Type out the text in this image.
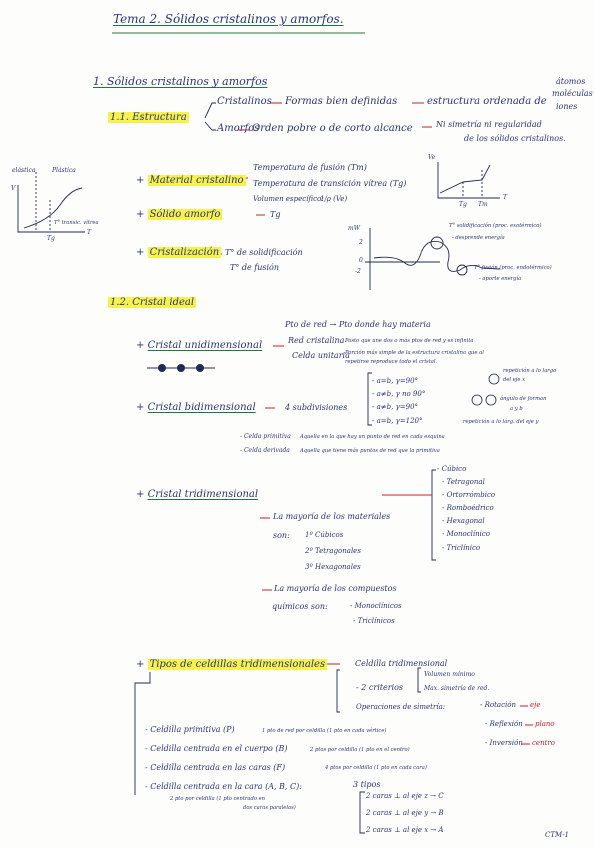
Tema 2. Sólidos cristalinos y amorfos.
1. Sólidos cristalinos y amorfos
1.1. Estructura
Cristalinos Formas bien definidas	estructura ordenada de
átomos
moléculas
iones
Amorfos
Orden pobre o de corto alcance	Ni simetría ni regularidad
de los sólidos cristalinos.
elástica	Plástica
V
T° transic. vítrea
Tg
T
+ Material cristalino
Temperatura de fusión (Tm)
Temperatura de transición vítrea (Tg)
Volumen específico:
1/ρ (Ve)
Ve
T
Tg Tm
+ Sólido amorfo	Tg
+ Cristalización T° de solidificación
T° de fusión
mW
2
0
-2
T° solidificación (proc. exotérmico)
- desprende energía
T° fusión (proc. endotérmico)
- aporte energía
1.2. Cristal ideal
Pto de red → Pto donde hay materia
+ Cristal unidimensional	Red cristalina Pasto que une dos o más ptos de red y es infinita
Celda unitaria
Porción más simple de la estructura cristalina que al
repetirse reproduce todo el cristal.
+ Cristal bidimensional	4 subdivisiones
- a=b, γ=90°
- a≠b, γ no 90°
- a≠b, γ=90°
- a=b, γ=120°
repetición a lo largo
del eje x
ángulo de forman
a y b
repetición a lo larg. del eje y
- Celda primitiva Aquella en la que hay un punto de red en cada esquina
- Celda derivada Aquella que tiene más puntos de red que la primitiva
+ Cristal tridimensional
- Cúbico
- Tetragonal
- Ortorrómbico
- Romboédrico
- Hexagonal
- Monoclínico
- Triclínico
La mayoría de los materiales
son: 1º Cúbicos
2º Tetragonales
3º Hexagonales
La mayoría de los compuestos
químicos son:	- Monoclínicos
- Triclínicos
+ Tipos de celdillas tridimensionales	Celdilla tridimensional
Volumen mínimo
- 2 criterios	Max. simetría de red.
Operaciones de simetría:	- Rotación eje
- Reflexión plano
- Inversión centro
- Celdilla primitiva (P)	1 pto de red por celdilla (1 pto en cada vértice)
- Celdilla centrada en el cuerpo (B)	2 ptos por celdilla (1 pto en el centro)
- Celdilla centrada en las caras (F)	4 ptos por celdilla (1 pto en cada cara)
- Celdilla centrada en la cara (A, B, C):	3 tipos
2 pto por celdilla (1 pto centrado en
dos caras paralelas)
2 caras ⊥ al eje z → C
2 caras ⊥ al eje y → B
2 caras ⊥ al eje x → A
CTM-1
